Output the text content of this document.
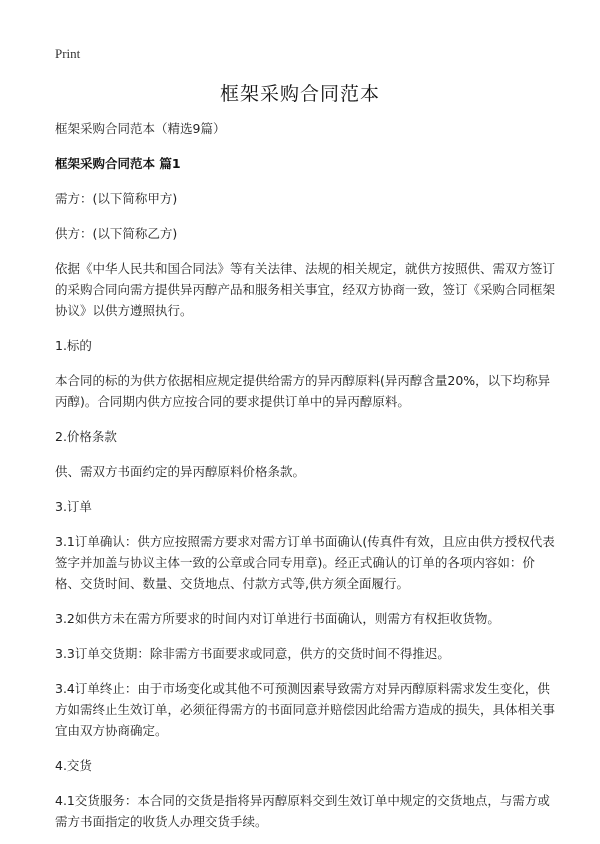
Print
框架采购合同范本

框架采购合同范本（精选9篇）

框架采购合同范本 篇1

需方：(以下简称甲方)

供方：(以下简称乙方)

依据《中华人民共和国合同法》等有关法律、法规的相关规定，就供方按照供、需双方签订的采购合同向需方提供异丙醇产品和服务相关事宜，经双方协商一致，签订《采购合同框架协议》以供方遵照执行。

1.标的

本合同的标的为供方依据相应规定提供给需方的异丙醇原料(异丙醇含量20%，以下均称异丙醇)。合同期内供方应按合同的要求提供订单中的异丙醇原料。

2.价格条款

供、需双方书面约定的异丙醇原料价格条款。

3.订单

3.1订单确认：供方应按照需方要求对需方订单书面确认(传真件有效，且应由供方授权代表签字并加盖与协议主体一致的公章或合同专用章)。经正式确认的订单的各项内容如：价格、交货时间、数量、交货地点、付款方式等,供方须全面履行。

3.2如供方未在需方所要求的时间内对订单进行书面确认，则需方有权拒收货物。

3.3订单交货期：除非需方书面要求或同意，供方的交货时间不得推迟。

3.4订单终止：由于市场变化或其他不可预测因素导致需方对异丙醇原料需求发生变化，供方如需终止生效订单，必须征得需方的书面同意并赔偿因此给需方造成的损失，具体相关事宜由双方协商确定。

4.交货

4.1交货服务：本合同的交货是指将异丙醇原料交到生效订单中规定的交货地点，与需方或需方书面指定的收货人办理交货手续。
